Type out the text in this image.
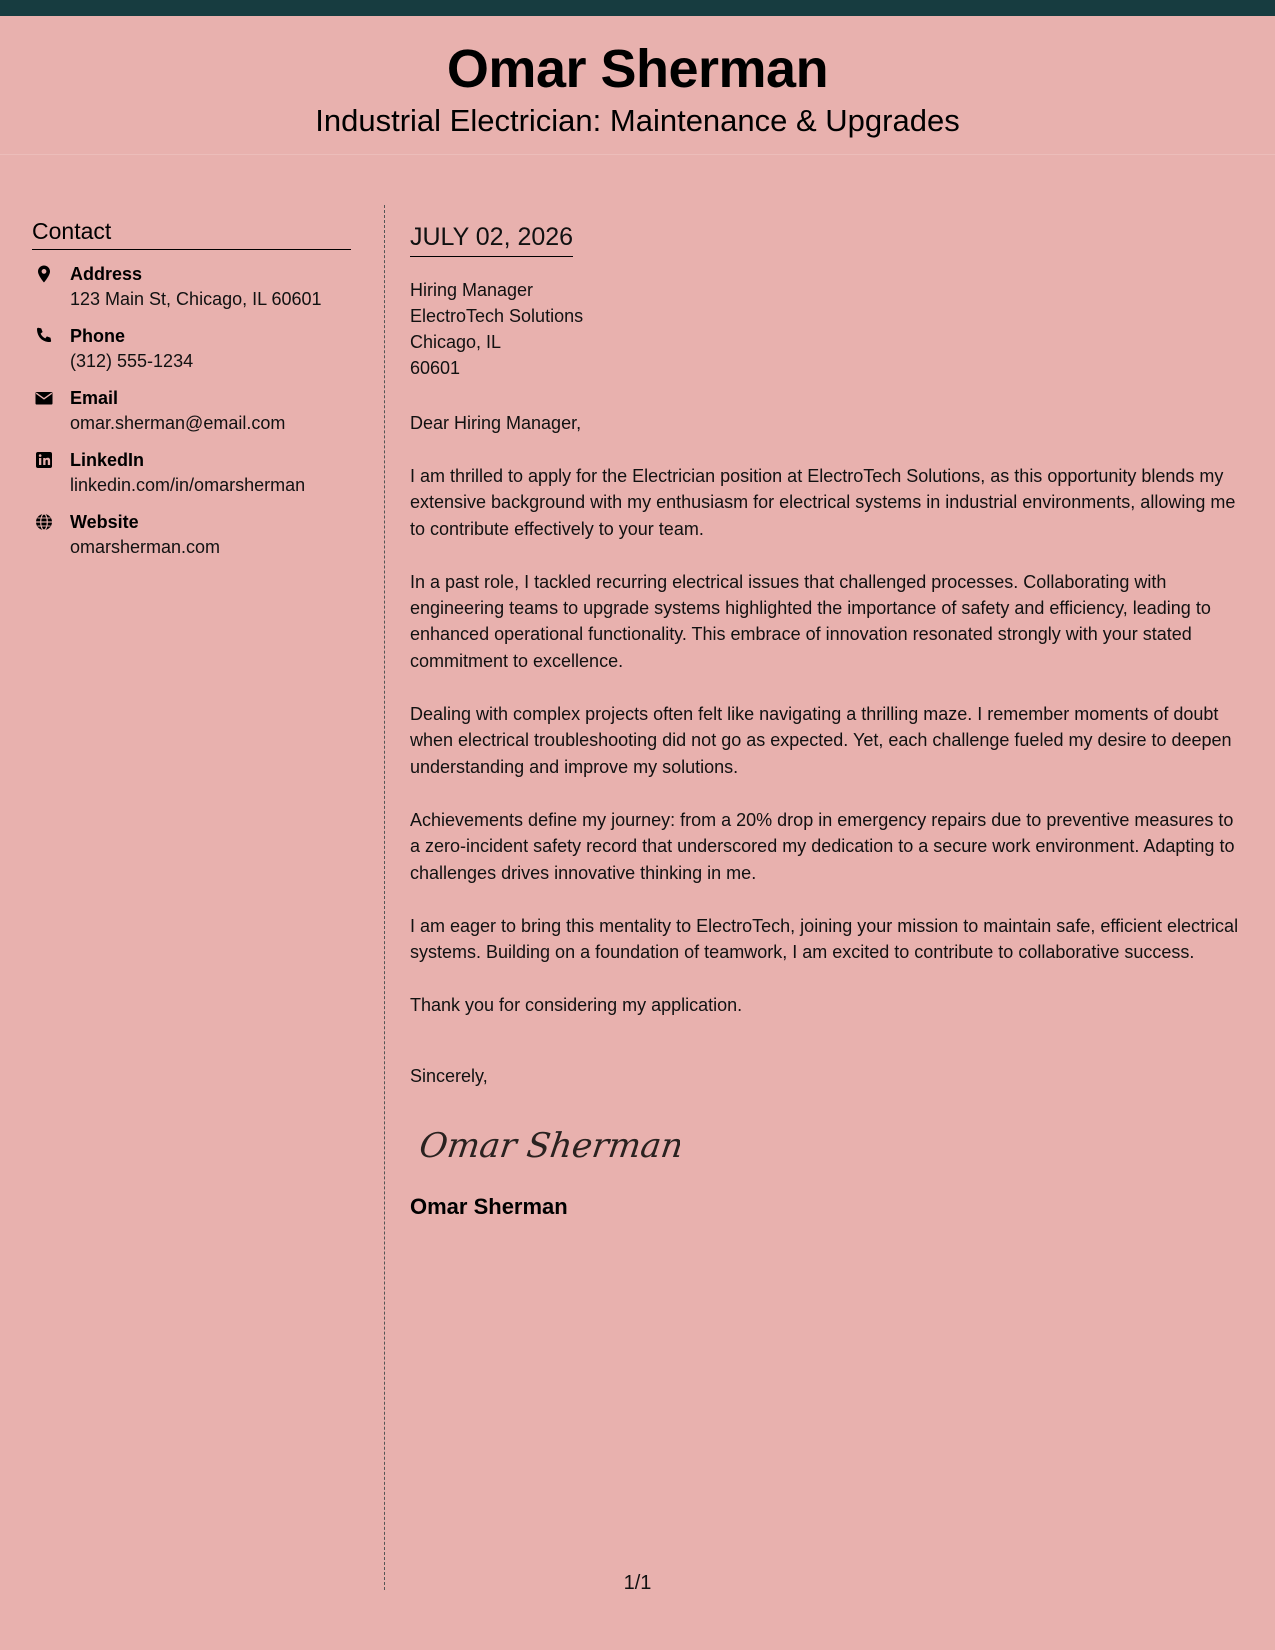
Omar Sherman
Industrial Electrician: Maintenance & Upgrades
Contact
Address
123 Main St, Chicago, IL 60601
Phone
(312) 555-1234
Email
omar.sherman@email.com
LinkedIn
linkedin.com/in/omarsherman
Website
omarsherman.com
JULY 02, 2026
Hiring Manager
ElectroTech Solutions
Chicago, IL
60601
Dear Hiring Manager,
I am thrilled to apply for the Electrician position at ElectroTech Solutions, as this opportunity blends my extensive background with my enthusiasm for electrical systems in industrial environments, allowing me to contribute effectively to your team.
In a past role, I tackled recurring electrical issues that challenged processes. Collaborating with engineering teams to upgrade systems highlighted the importance of safety and efficiency, leading to enhanced operational functionality. This embrace of innovation resonated strongly with your stated commitment to excellence.
Dealing with complex projects often felt like navigating a thrilling maze. I remember moments of doubt when electrical troubleshooting did not go as expected. Yet, each challenge fueled my desire to deepen understanding and improve my solutions.
Achievements define my journey: from a 20% drop in emergency repairs due to preventive measures to a zero-incident safety record that underscored my dedication to a secure work environment. Adapting to challenges drives innovative thinking in me.
I am eager to bring this mentality to ElectroTech, joining your mission to maintain safe, efficient electrical systems. Building on a foundation of teamwork, I am excited to contribute to collaborative success.
Thank you for considering my application.
Sincerely,
Omar Sherman
Omar Sherman
1/1
